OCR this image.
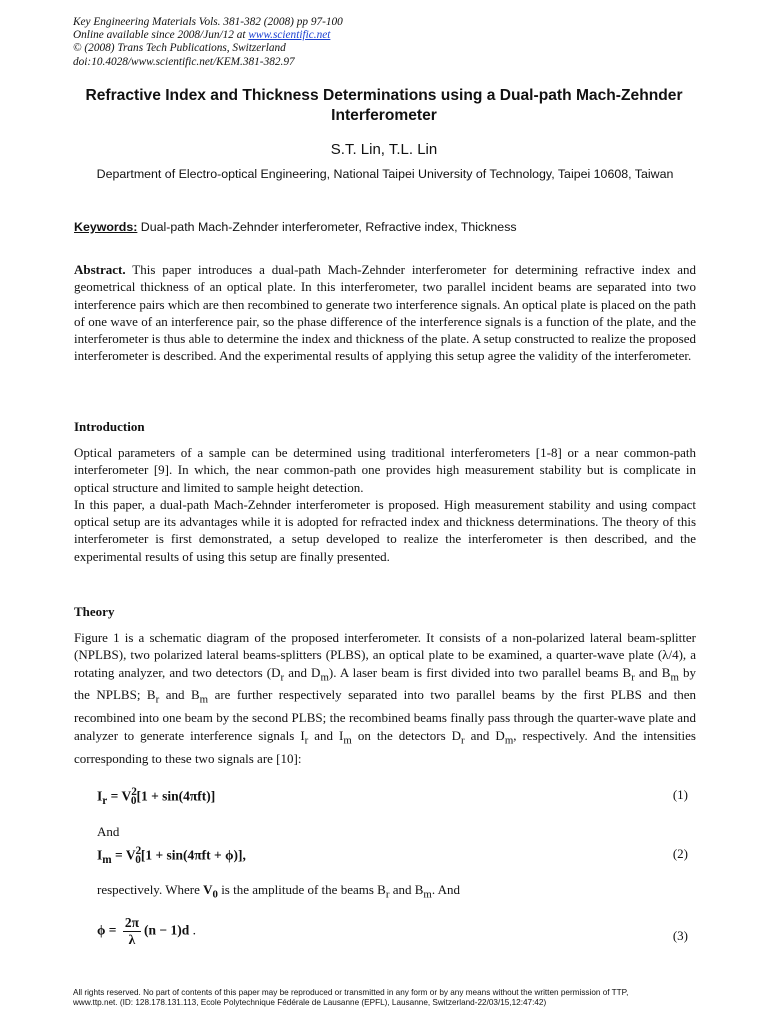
Key Engineering Materials Vols. 381-382 (2008) pp 97-100
Online available since 2008/Jun/12 at www.scientific.net
© (2008) Trans Tech Publications, Switzerland
doi:10.4028/www.scientific.net/KEM.381-382.97
Refractive Index and Thickness Determinations using a Dual-path Mach-Zehnder Interferometer
S.T. Lin, T.L. Lin
Department of Electro-optical Engineering, National Taipei University of Technology, Taipei 10608, Taiwan
Keywords: Dual-path Mach-Zehnder interferometer, Refractive index, Thickness

Abstract. This paper introduces a dual-path Mach-Zehnder interferometer for determining refractive index and geometrical thickness of an optical plate. In this interferometer, two parallel incident beams are separated into two interference pairs which are then recombined to generate two interference signals. An optical plate is placed on the path of one wave of an interference pair, so the phase difference of the interference signals is a function of the plate, and the interferometer is thus able to determine the index and thickness of the plate. A setup constructed to realize the proposed interferometer is described. And the experimental results of applying this setup agree the validity of the interferometer.

Introduction

Optical parameters of a sample can be determined using traditional interferometers [1-8] or a near common-path interferometer [9]. In which, the near common-path one provides high measurement stability but is complicate in optical structure and limited to sample height detection.

In this paper, a dual-path Mach-Zehnder interferometer is proposed. High measurement stability and using compact optical setup are its advantages while it is adopted for refracted index and thickness determinations. The theory of this interferometer is first demonstrated, a setup developed to realize the interferometer is then described, and the experimental results of using this setup are finally presented.

Theory

Figure 1 is a schematic diagram of the proposed interferometer. It consists of a non-polarized lateral beam-splitter (NPLBS), two polarized lateral beams-splitters (PLBS), an optical plate to be examined, a quarter-wave plate (λ/4), a rotating analyzer, and two detectors ($D_r$ and $D_m$). A laser beam is first divided into two parallel beams $B_r$ and $B_m$ by the NPLBS; $B_r$ and $B_m$ are further respectively separated into two parallel beams by the first PLBS and then recombined into one beam by the second PLBS; the recombined beams finally pass through the quarter-wave plate and analyzer to generate interference signals $I_r$ and $I_m$ on the detectors $D_r$ and $D_m$, respectively. And the intensities corresponding to these two signals are [10]:

$I_r = V^2_0[1 + \sin(4\pi ft)]$	(1)
And
$I_m = V^2_0[1 + \sin(4\pi ft + \phi)]$,	(2)
respectively. Where $V_0$ is the amplitude of the beams $B_r$ and $B_m$. And
$\phi = \frac{2\pi}{\lambda} (n - 1)d$ .	(3)
All rights reserved. No part of contents of this paper may be reproduced or transmitted in any form or by any means without the written permission of TTP,
www.ttp.net. (ID: 128.178.131.113, Ecole Polytechnique Fédérale de Lausanne (EPFL), Lausanne, Switzerland-22/03/15,12:47:42)
